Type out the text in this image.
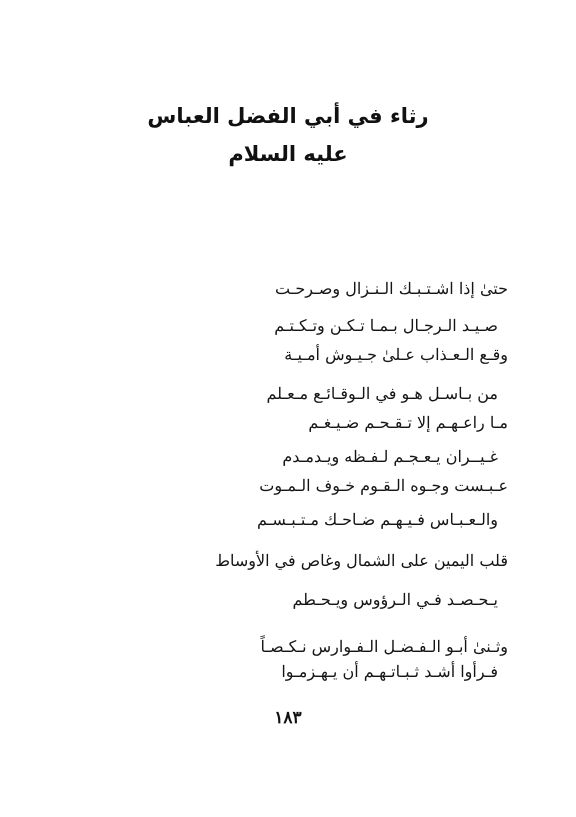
رثاء في أبي الفضل العباس
عليه السلام
حتىٰ إذا اشـتـبـك الـنـزال وصـرحـت
صـيـد الـرجـال بـمـا تـكـن وتـكـتـم
وقـع الـعـذاب عـلىٰ جـيـوش أمـيـة
من بـاسـل هـو في الـوقـائـع مـعـلم
مـا راعـهـم إلا تـقـحـم ضـيـغـم
غـيــران يـعـجـم لـفـظه ويـدمـدم
عـبـست وجـوه الـقـوم خـوف الـمـوت
والـعـبـاس فـيـهـم ضـاحـك مـتـبـسـم
قلب اليمين على الشمال وغاص في الأوساط
يـحـصـد فـي الـرؤوس ويـحـطم
وثـنىٰ أبـو الـفـضـل الـفـوارس نـكـصـاً
فـرأوا أشـد ثـبـاتـهـم أن يـهـزمـوا
١٨٣
